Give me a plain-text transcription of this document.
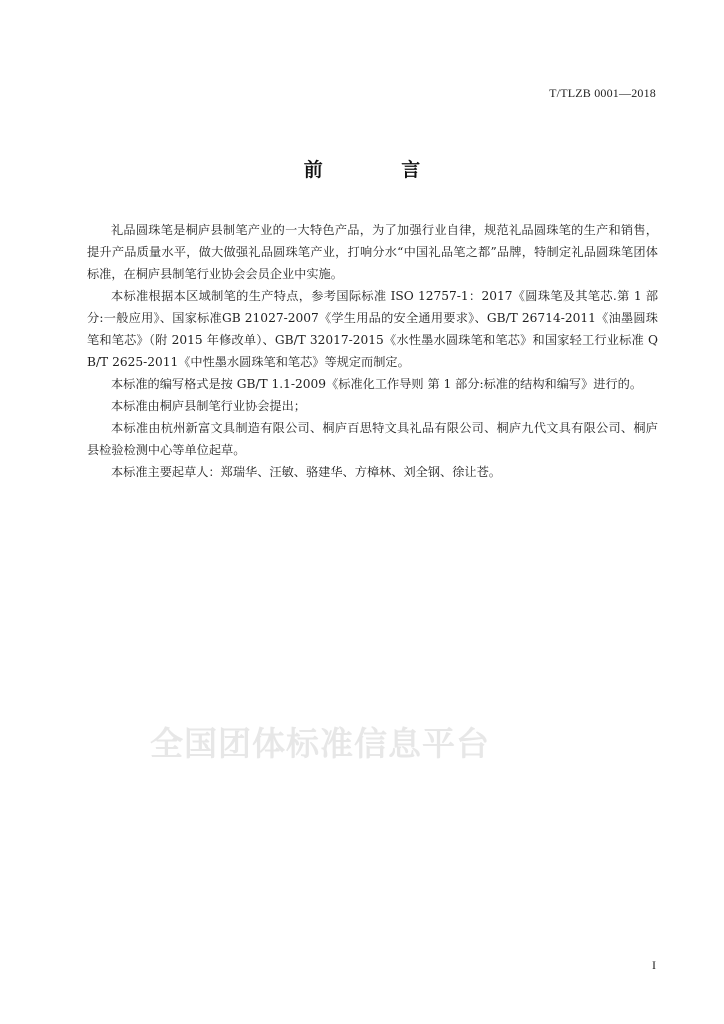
T/TLZB 0001—2018
前 言

礼品圆珠笔是桐庐县制笔产业的一大特色产品，为了加强行业自律，规范礼品圆珠笔的生产和销售，提升产品质量水平，做大做强礼品圆珠笔产业，打响分水“中国礼品笔之都”品牌，特制定礼品圆珠笔团体标准，在桐庐县制笔行业协会会员企业中实施。

本标准根据本区域制笔的生产特点，参考国际标准 ISO 12757-1：2017《圆珠笔及其笔芯.第 1 部分:一般应用》、国家标准GB 21027-2007《学生用品的安全通用要求》、GB/T 26714-2011《油墨圆珠笔和笔芯》（附 2015 年修改单）、GB/T 32017-2015《水性墨水圆珠笔和笔芯》和国家轻工行业标准 QB/T 2625-2011《中性墨水圆珠笔和笔芯》等规定而制定。

本标准的编写格式是按 GB/T 1.1-2009《标准化工作导则 第 1 部分:标准的结构和编写》进行的。

本标准由桐庐县制笔行业协会提出；

本标准由杭州新富文具制造有限公司、桐庐百思特文具礼品有限公司、桐庐九代文具有限公司、桐庐县检验检测中心等单位起草。

本标准主要起草人：郑瑞华、汪敏、骆建华、方樟林、刘全钢、徐让苍。

全国团体标准信息平台
I
